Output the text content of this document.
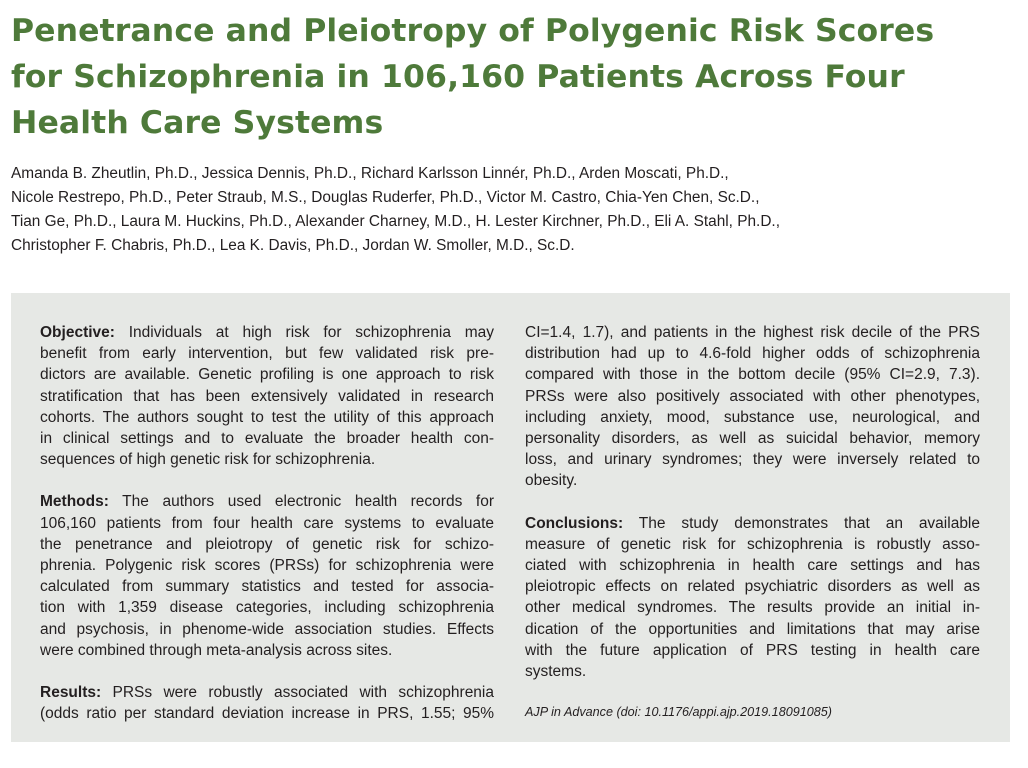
Penetrance and Pleiotropy of Polygenic Risk Scores
for Schizophrenia in 106,160 Patients Across Four
Health Care Systems
Amanda B. Zheutlin, Ph.D., Jessica Dennis, Ph.D., Richard Karlsson Linnér, Ph.D., Arden Moscati, Ph.D.,
Nicole Restrepo, Ph.D., Peter Straub, M.S., Douglas Ruderfer, Ph.D., Victor M. Castro, Chia-Yen Chen, Sc.D.,
Tian Ge, Ph.D., Laura M. Huckins, Ph.D., Alexander Charney, M.D., H. Lester Kirchner, Ph.D., Eli A. Stahl, Ph.D.,
Christopher F. Chabris, Ph.D., Lea K. Davis, Ph.D., Jordan W. Smoller, M.D., Sc.D.
Objective: Individuals at high risk for schizophrenia may
benefit from early intervention, but few validated risk pre-
dictors are available. Genetic profiling is one approach to risk
stratification that has been extensively validated in research
cohorts. The authors sought to test the utility of this approach
in clinical settings and to evaluate the broader health con-
sequences of high genetic risk for schizophrenia.
Methods: The authors used electronic health records for
106,160 patients from four health care systems to evaluate
the penetrance and pleiotropy of genetic risk for schizo-
phrenia. Polygenic risk scores (PRSs) for schizophrenia were
calculated from summary statistics and tested for associa-
tion with 1,359 disease categories, including schizophrenia
and psychosis, in phenome-wide association studies. Effects
were combined through meta-analysis across sites.
Results: PRSs were robustly associated with schizophrenia
(odds ratio per standard deviation increase in PRS, 1.55; 95%
CI=1.4, 1.7), and patients in the highest risk decile of the PRS
distribution had up to 4.6-fold higher odds of schizophrenia
compared with those in the bottom decile (95% CI=2.9, 7.3).
PRSs were also positively associated with other phenotypes,
including anxiety, mood, substance use, neurological, and
personality disorders, as well as suicidal behavior, memory
loss, and urinary syndromes; they were inversely related to
obesity.
Conclusions: The study demonstrates that an available
measure of genetic risk for schizophrenia is robustly asso-
ciated with schizophrenia in health care settings and has
pleiotropic effects on related psychiatric disorders as well as
other medical syndromes. The results provide an initial in-
dication of the opportunities and limitations that may arise
with the future application of PRS testing in health care
systems.
AJP in Advance (doi: 10.1176/appi.ajp.2019.18091085)
